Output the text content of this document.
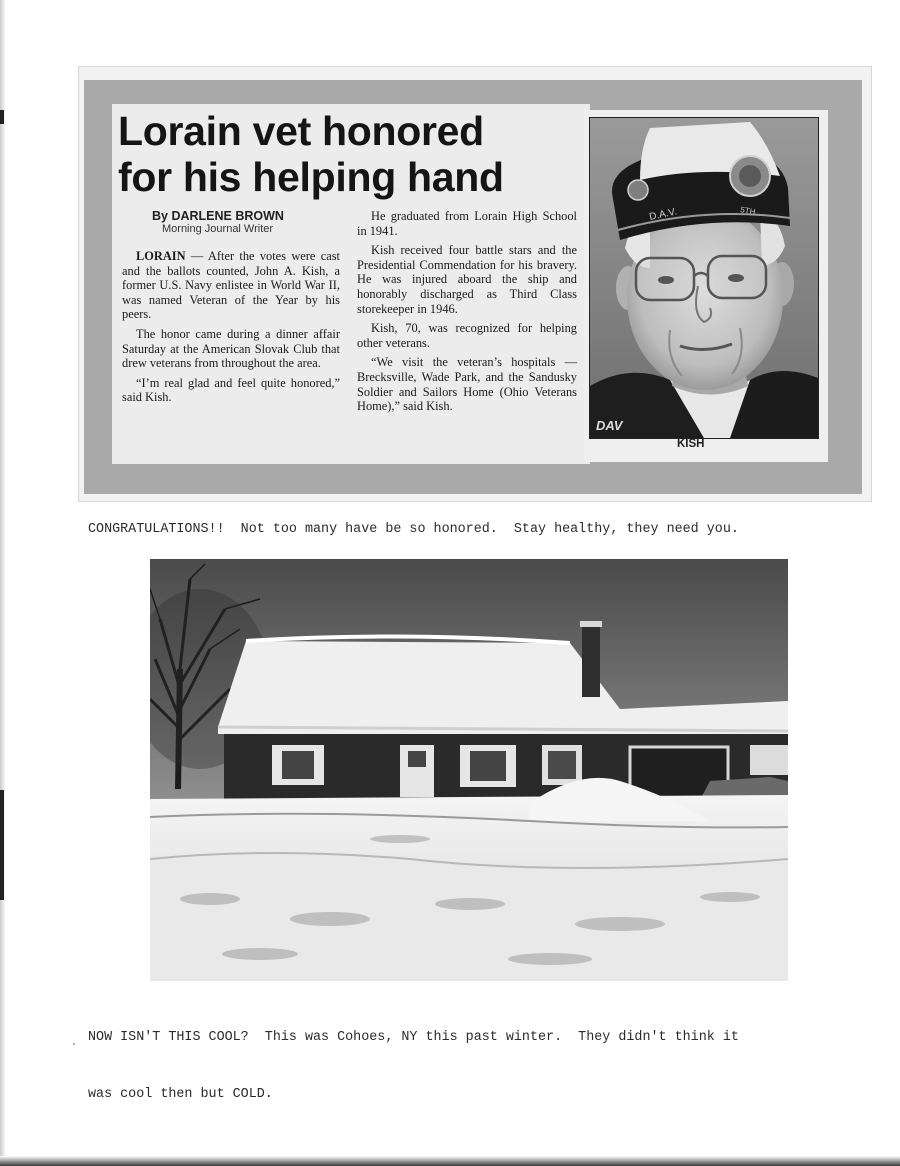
Lorain vet honored
for his helping hand
By DARLENE BROWN
Morning Journal Writer

LORAIN — After the votes were cast and the ballots counted, John A. Kish, a former U.S. Navy enlistee in World War II, was named Veteran of the Year by his peers.

The honor came during a dinner affair Saturday at the American Slovak Club that drew veterans from throughout the area.

“I’m real glad and feel quite honored,” said Kish.

He graduated from Lorain High School in 1941.

Kish received four battle stars and the Presidential Commendation for his bravery. He was injured aboard the ship and honorably discharged as Third Class storekeeper in 1946.

Kish, 70, was recognized for helping other veterans.

“We visit the veteran’s hospitals — Brecksville, Wade Park, and the Sandusky Soldier and Sailors Home (Ohio Veterans Home),” said Kish.

DAV
D.A.V.	5TH
KISH
CONGRATULATIONS!!  Not too many have be so honored.  Stay healthy, they need you.

NOW ISN'T THIS COOL?  This was Cohoes, NY this past winter.  They didn't think it

was cool then but COLD.
